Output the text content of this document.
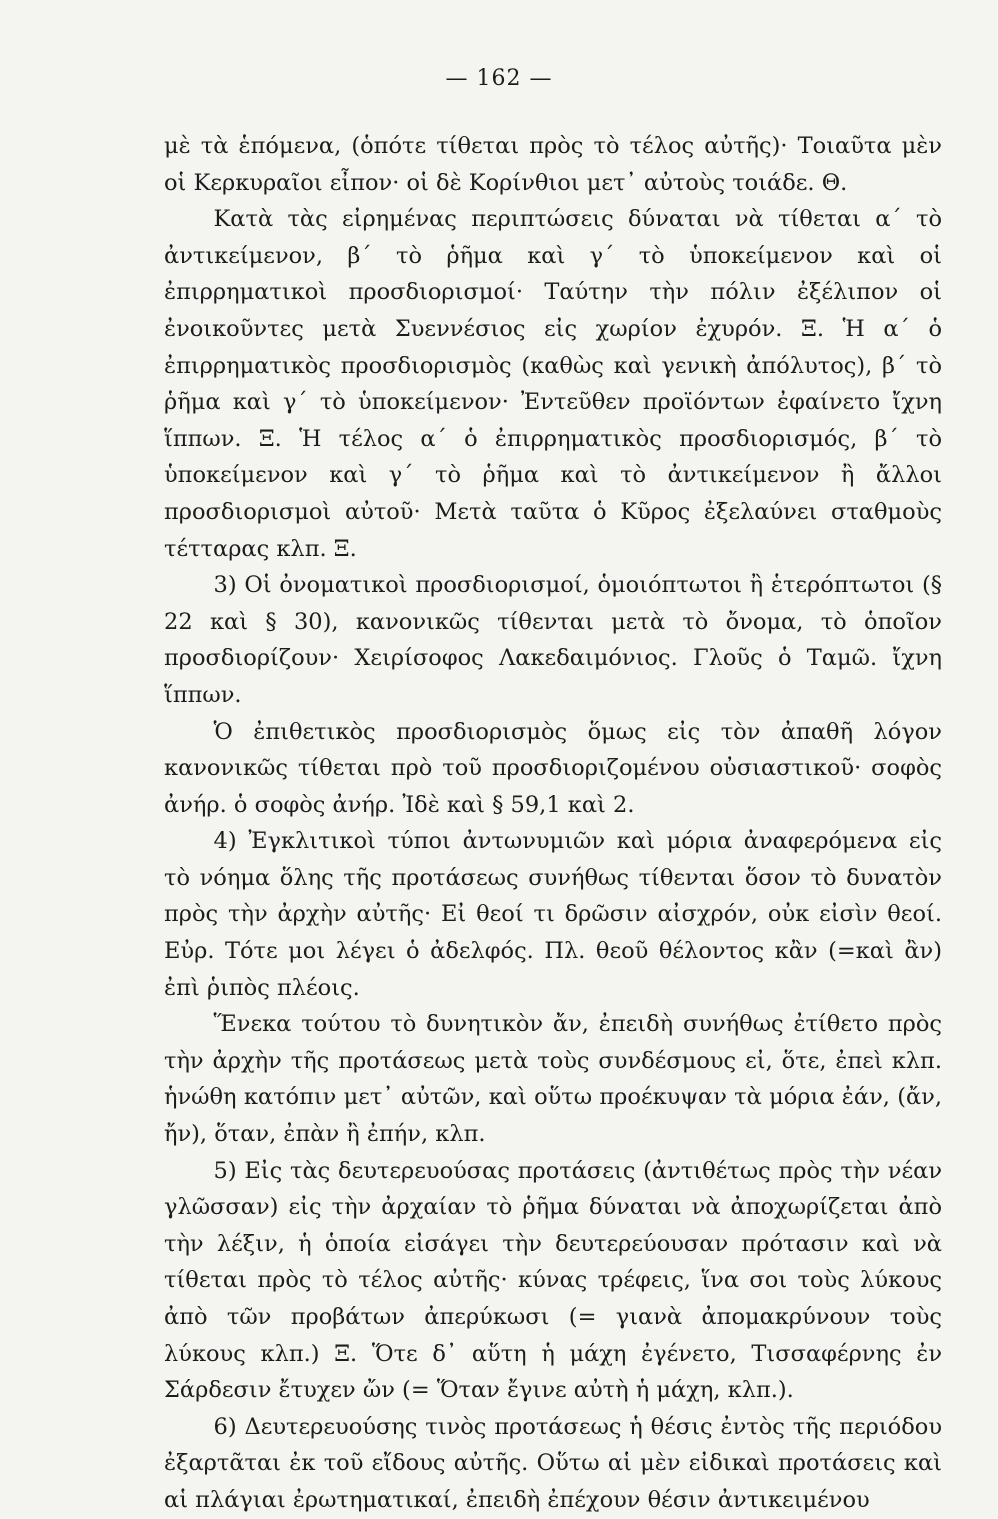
— 162 —

μὲ τὰ ἑπόμενα, (ὁπότε τίθεται πρὸς τὸ τέλος αὐτῆς)· Τοιαῦτα μὲν οἱ Κερκυραῖοι εἶπον· οἱ δὲ Κορίνθιοι μετ᾽ αὐτοὺς τοιάδε. Θ.

Κατὰ τὰς εἰρημένας περιπτώσεις δύναται νὰ τίθεται α´ τὸ ἀντικείμενον, β´ τὸ ῥῆμα καὶ γ´ τὸ ὑποκείμενον καὶ οἱ ἐπιρρηματικοὶ προσδιορισμοί· Ταύτην τὴν πόλιν ἐξέλιπον οἱ ἐνοικοῦντες μετὰ Συεννέσιος εἰς χωρίον ἐχυρόν. Ξ. Ἡ α´ ὁ ἐπιρρηματικὸς προσδιορισμὸς (καθὼς καὶ γενικὴ ἀπόλυτος), β´ τὸ ῥῆμα καὶ γ´ τὸ ὑποκείμενον· Ἐντεῦθεν προϊόντων ἐφαίνετο ἴχνη ἵππων. Ξ. Ἡ τέλος α´ ὁ ἐπιρρηματικὸς προσδιορισμός, β´ τὸ ὑποκείμενον καὶ γ´ τὸ ῥῆμα καὶ τὸ ἀντικείμενον ἢ ἄλλοι προσδιορισμοὶ αὐτοῦ· Μετὰ ταῦτα ὁ Κῦρος ἐξελαύνει σταθμοὺς τέτταρας κλπ. Ξ.

3) Οἱ ὀνοματικοὶ προσδιορισμοί, ὁμοιόπτωτοι ἢ ἑτερόπτωτοι (§ 22 καὶ § 30), κανονικῶς τίθενται μετὰ τὸ ὄνομα, τὸ ὁποῖον προσδιορίζουν· Χειρίσοφος Λακεδαιμόνιος. Γλοῦς ὁ Ταμῶ. ἴχνη ἵππων.

Ὁ ἐπιθετικὸς προσδιορισμὸς ὅμως εἰς τὸν ἀπαθῆ λόγον κανονικῶς τίθεται πρὸ τοῦ προσδιοριζομένου οὐσιαστικοῦ· σοφὸς ἀνήρ. ὁ σοφὸς ἀνήρ. Ἰδὲ καὶ § 59,1 καὶ 2.

4) Ἐγκλιτικοὶ τύποι ἀντωνυμιῶν καὶ μόρια ἀναφερόμενα εἰς τὸ νόημα ὅλης τῆς προτάσεως συνήθως τίθενται ὅσον τὸ δυνατὸν πρὸς τὴν ἀρχὴν αὐτῆς· Εἰ θεοί τι δρῶσιν αἰσχρόν, οὐκ εἰσὶν θεοί. Εὐρ. Τότε μοι λέγει ὁ ἀδελφός. Πλ. θεοῦ θέλοντος κἂν (=καὶ ἂν) ἐπὶ ῥιπὸς πλέοις.

Ἕνεκα τούτου τὸ δυνητικὸν ἄν, ἐπειδὴ συνήθως ἐτίθετο πρὸς τὴν ἀρχὴν τῆς προτάσεως μετὰ τοὺς συνδέσμους εἰ, ὅτε, ἐπεὶ κλπ. ἡνώθη κατόπιν μετ᾽ αὐτῶν, καὶ οὕτω προέκυψαν τὰ μόρια ἐάν, (ἄν, ἤν), ὅταν, ἐπὰν ἢ ἐπήν, κλπ.

5) Εἰς τὰς δευτερευούσας προτάσεις (ἀντιθέτως πρὸς τὴν νέαν γλῶσσαν) εἰς τὴν ἀρχαίαν τὸ ῥῆμα δύναται νὰ ἀποχωρίζεται ἀπὸ τὴν λέξιν, ἡ ὁποία εἰσάγει τὴν δευτερεύουσαν πρότασιν καὶ νὰ τίθεται πρὸς τὸ τέλος αὐτῆς· κύνας τρέφεις, ἵνα σοι τοὺς λύκους ἀπὸ τῶν προβάτων ἀπερύκωσι (= γιανὰ ἀπομακρύνουν τοὺς λύκους κλπ.) Ξ. Ὅτε δ᾽ αὕτη ἡ μάχη ἐγένετο, Τισσαφέρνης ἐν Σάρδεσιν ἔτυχεν ὤν (= Ὅταν ἔγινε αὐτὴ ἡ μάχη, κλπ.).

6) Δευτερευούσης τινὸς προτάσεως ἡ θέσις ἐντὸς τῆς περιόδου ἐξαρτᾶται ἐκ τοῦ εἴδους αὐτῆς. Οὕτω αἱ μὲν εἰδικαὶ προτάσεις καὶ αἱ πλάγιαι ἐρωτηματικαί, ἐπειδὴ ἐπέχουν θέσιν ἀντικειμένου
